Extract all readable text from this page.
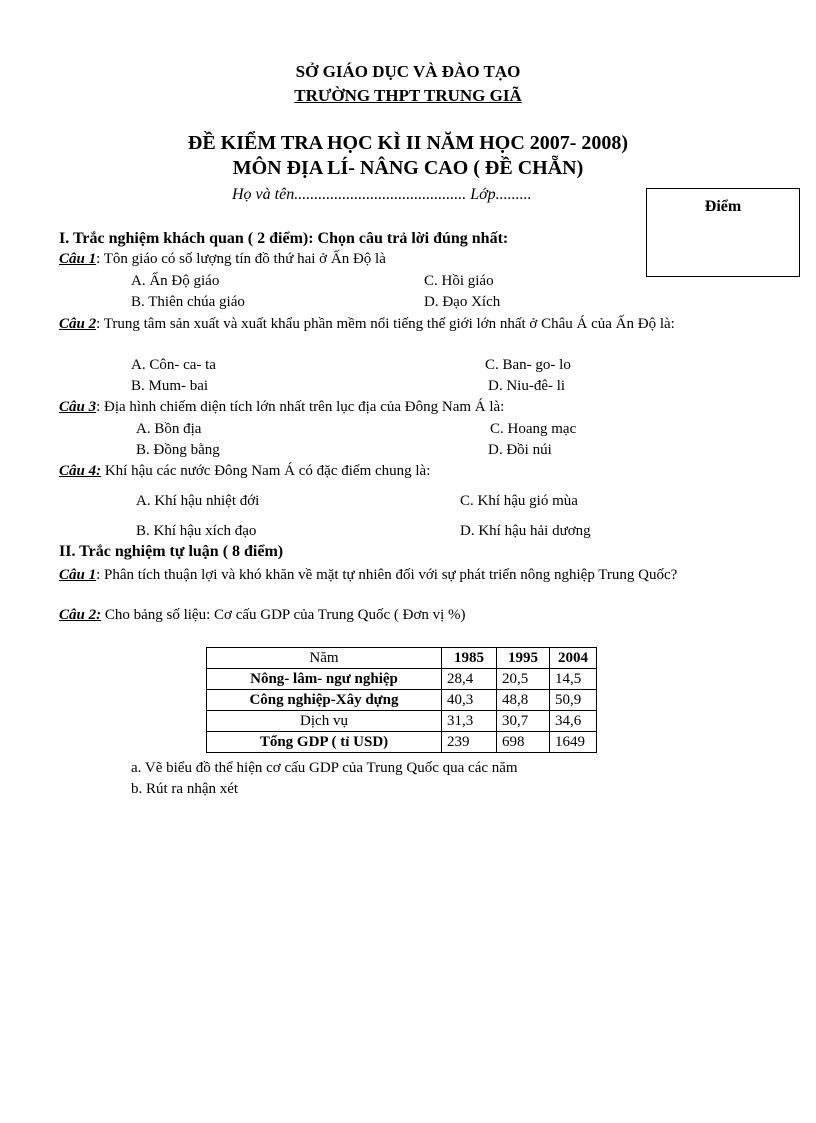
SỞ GIÁO DỤC VÀ ĐÀO TẠO
TRƯỜNG THPT TRUNG GIÃ
ĐỀ KIỂM TRA HỌC KÌ II NĂM HỌC 2007- 2008)
MÔN ĐỊA LÍ- NÂNG CAO ( ĐỀ CHẴN)
Họ và tên........................................... Lớp.........
Điểm
I. Trắc nghiệm khách quan ( 2 điểm): Chọn câu trả lời đúng nhất:
Câu 1: Tôn giáo có số lượng tín đồ thứ hai ở Ấn Độ là
A. Ấn Độ giáo	C. Hồi giáo
B. Thiên chúa giáo	D. Đạo Xích
Câu 2: Trung tâm sản xuất và xuất khẩu phần mềm nổi tiếng thế giới lớn nhất ở Châu Á của Ấn Độ là:
A. Côn- ca- ta	C. Ban- go- lo
B. Mum- bai	D. Niu-đê- li
Câu 3: Địa hình chiếm diện tích lớn nhất trên lục địa của Đông Nam Á là:
A. Bồn địa	C. Hoang mạc
B. Đồng bằng	D. Đồi núi
Câu 4: Khí hậu các nước Đông Nam Á có đặc điểm chung là:
A. Khí hậu nhiệt đới	C. Khí hậu gió mùa
B. Khí hậu xích đạo	D. Khí hậu hải dương
II. Trắc nghiệm tự luận ( 8 điểm)
Câu 1: Phân tích thuận lợi và khó khăn về mặt tự nhiên đối với sự phát triển nông nghiệp Trung Quốc?
Câu 2: Cho bảng số liệu: Cơ cấu GDP của Trung Quốc ( Đơn vị %)
Năm	1985	1995	2004
Nông- lâm- ngư nghiệp	28,4	20,5	14,5
Công nghiệp-Xây dựng	40,3	48,8	50,9
Dịch vụ	31,3	30,7	34,6
Tổng GDP ( tỉ USD)	239	698	1649
a. Vẽ biểu đồ thể hiện cơ cấu GDP của Trung Quốc qua các năm
b. Rút ra nhận xét
